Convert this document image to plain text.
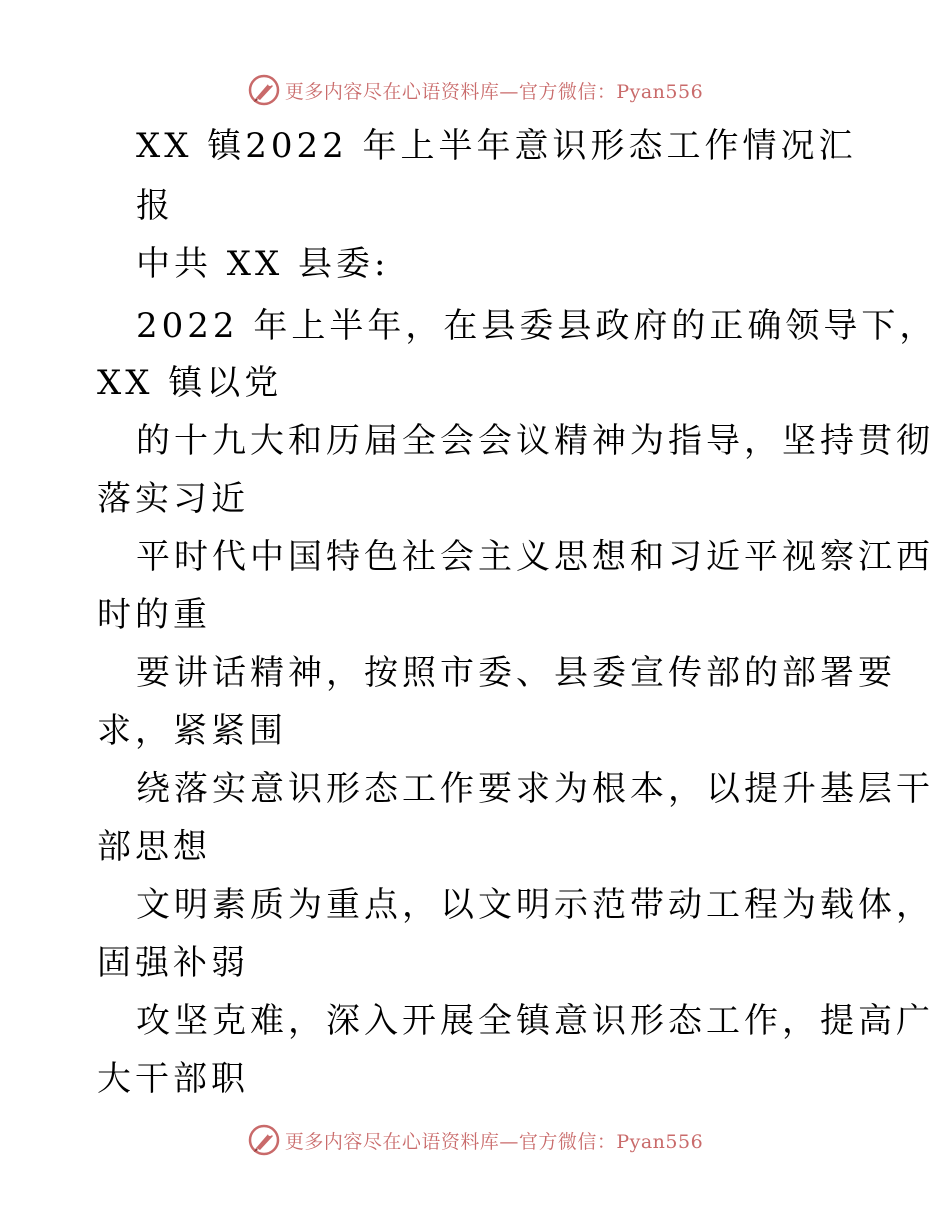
更多内容尽在心语资料库—官方微信：Pyan556
XX 镇2022 年上半年意识形态工作情况汇
报
中共 XX 县委:
2022 年上半年，在县委县政府的正确领导下，
XX 镇以党
的十九大和历届全会会议精神为指导，坚持贯彻
落实习近
平时代中国特色社会主义思想和习近平视察江西
时的重
要讲话精神，按照市委、县委宣传部的部署要
求，紧紧围
绕落实意识形态工作要求为根本，以提升基层干
部思想
文明素质为重点，以文明示范带动工程为载体，
固强补弱
攻坚克难，深入开展全镇意识形态工作，提高广
大干部职
更多内容尽在心语资料库—官方微信：Pyan556
